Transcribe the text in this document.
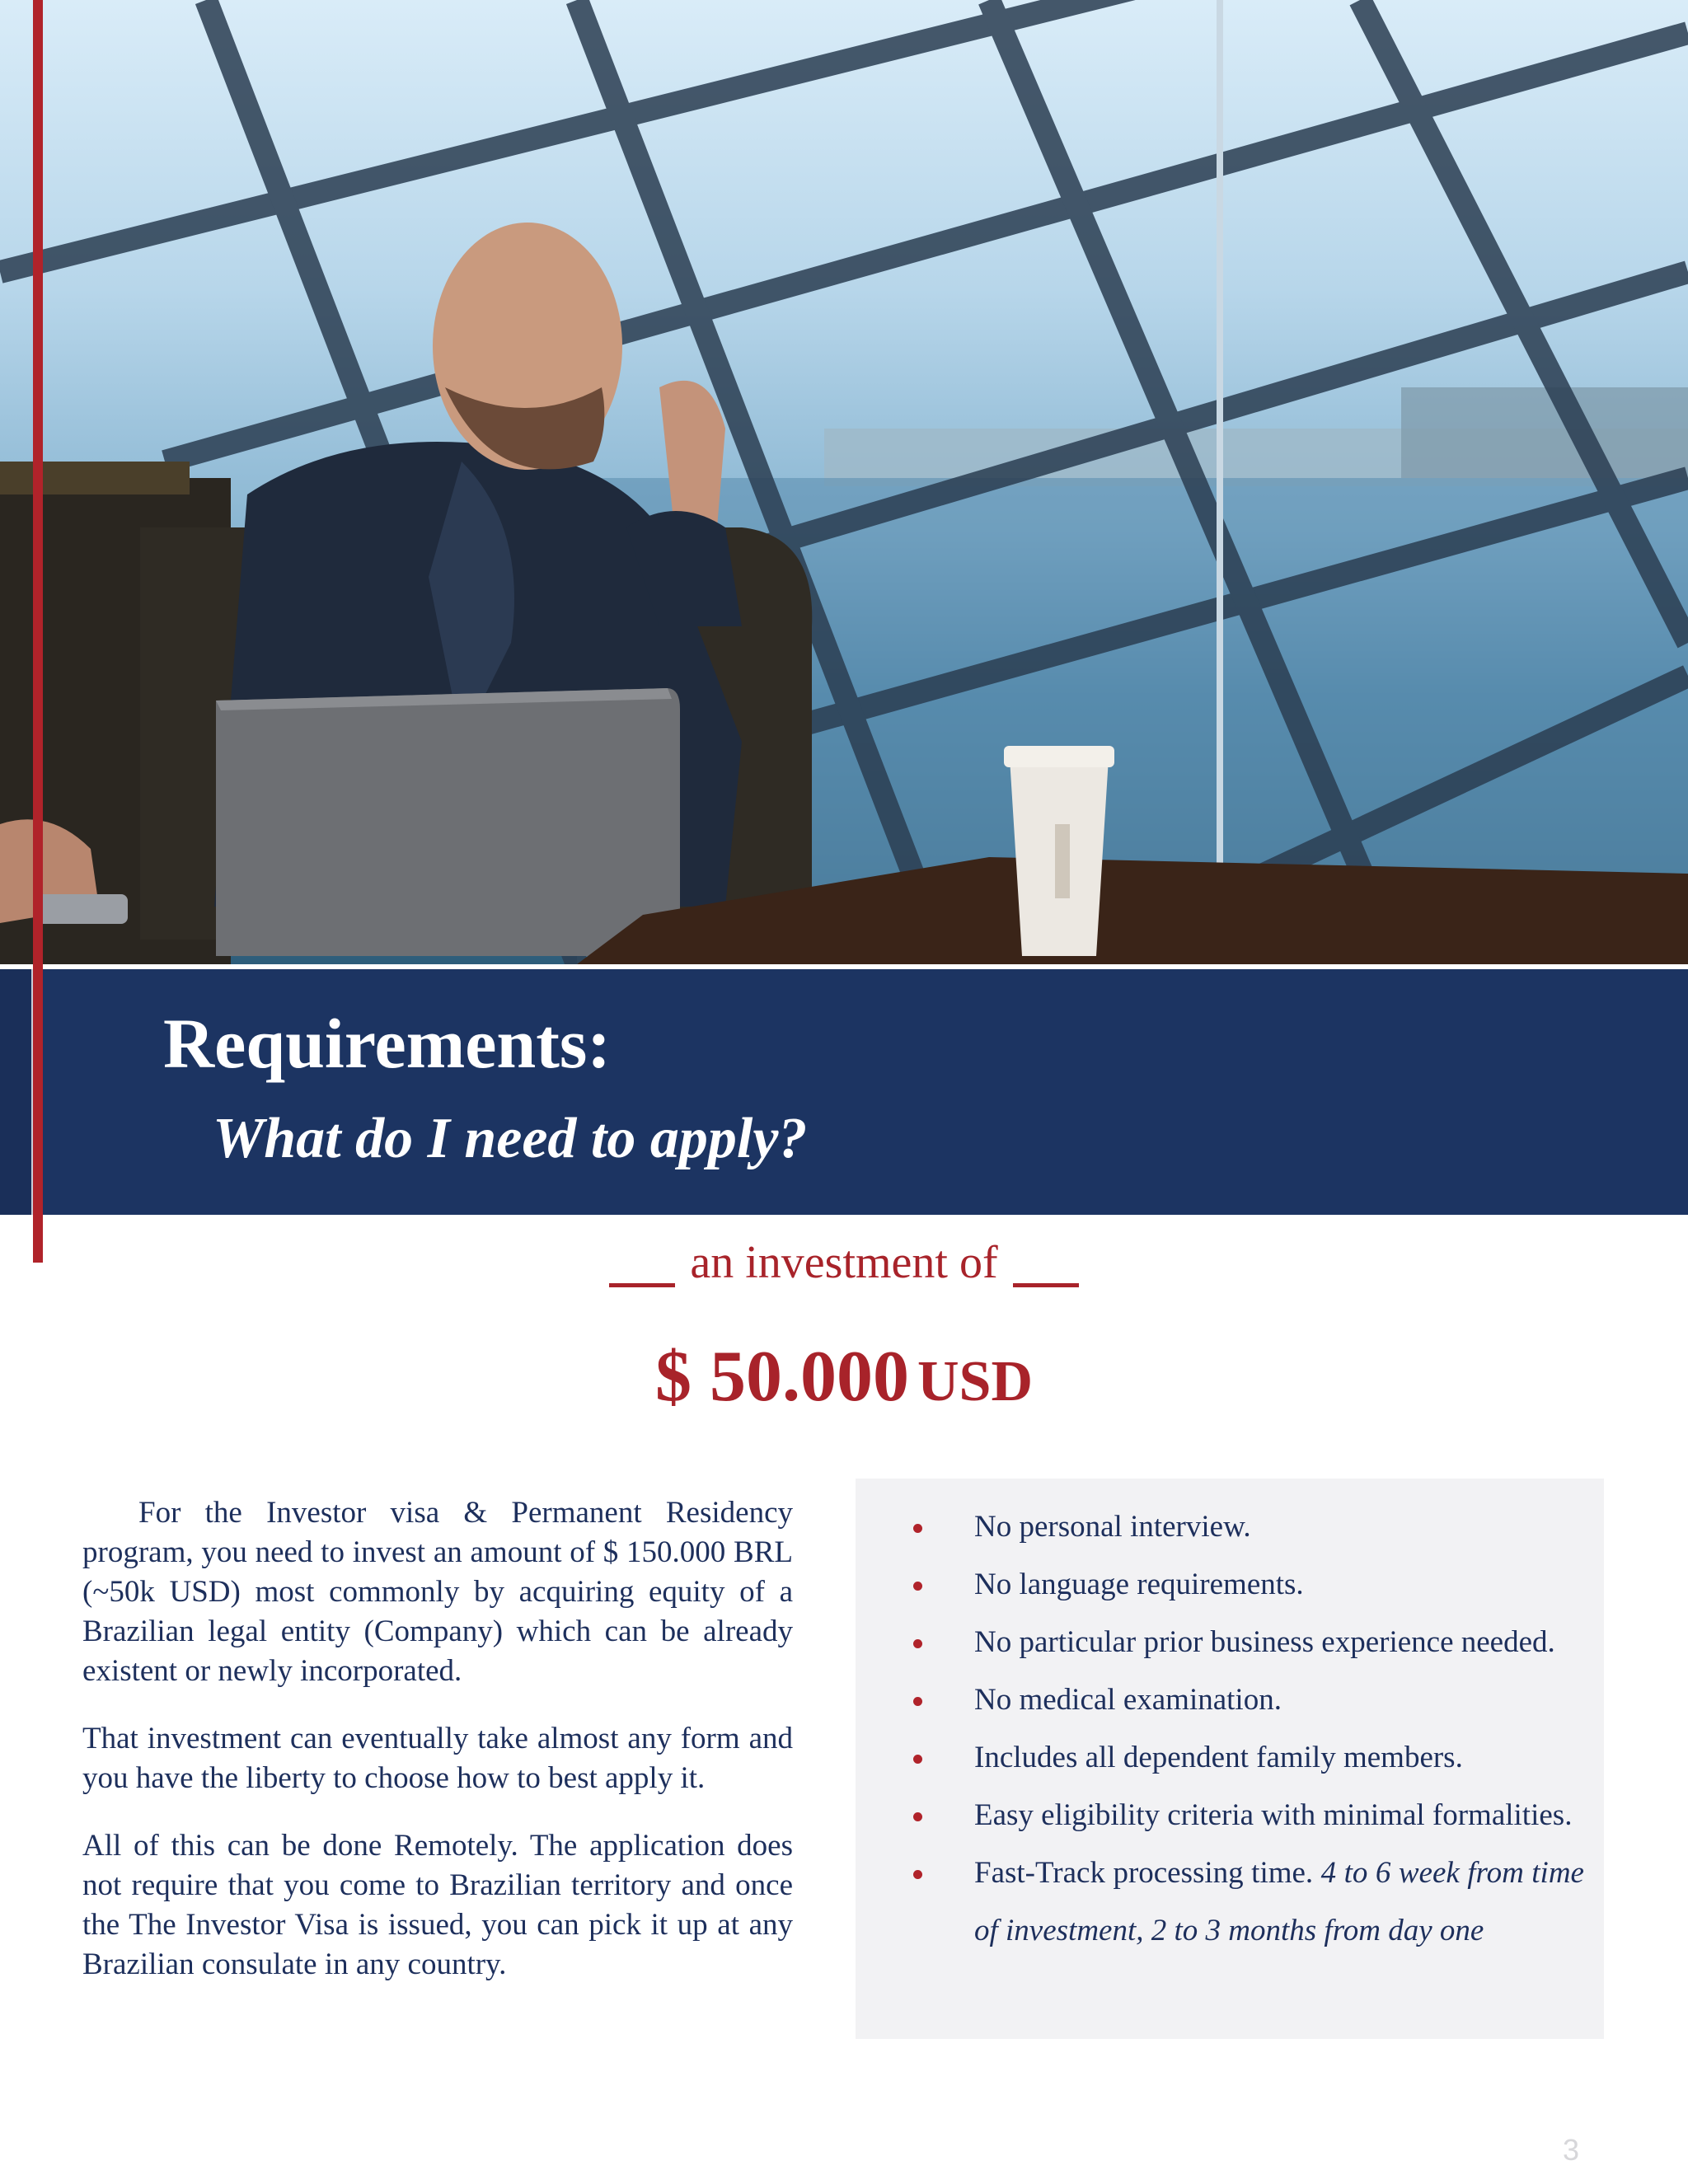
Requirements:
What do I need to apply?
an investment of
$ 50.000 USD

For the Investor visa & Permanent Residency program, you need to invest an amount of $ 150.000 BRL (~50k USD) most commonly by acquiring equity of a Brazilian legal entity (Company) which can be already existent or newly incorporated.

That investment can eventually take almost any form and you have the liberty to choose how to best apply it.

All of this can be done Remotely. The application does not require that you come to Brazilian territory and once the The Investor Visa is issued, you can pick it up at any Brazilian consulate in any country.

No personal interview.
No language requirements.
No particular prior business experience needed.
No medical examination.
Includes all dependent family members.
Easy eligibility criteria with minimal formalities.
Fast-Track processing time. 4 to 6 week from time of investment, 2 to 3 months from day one
3
